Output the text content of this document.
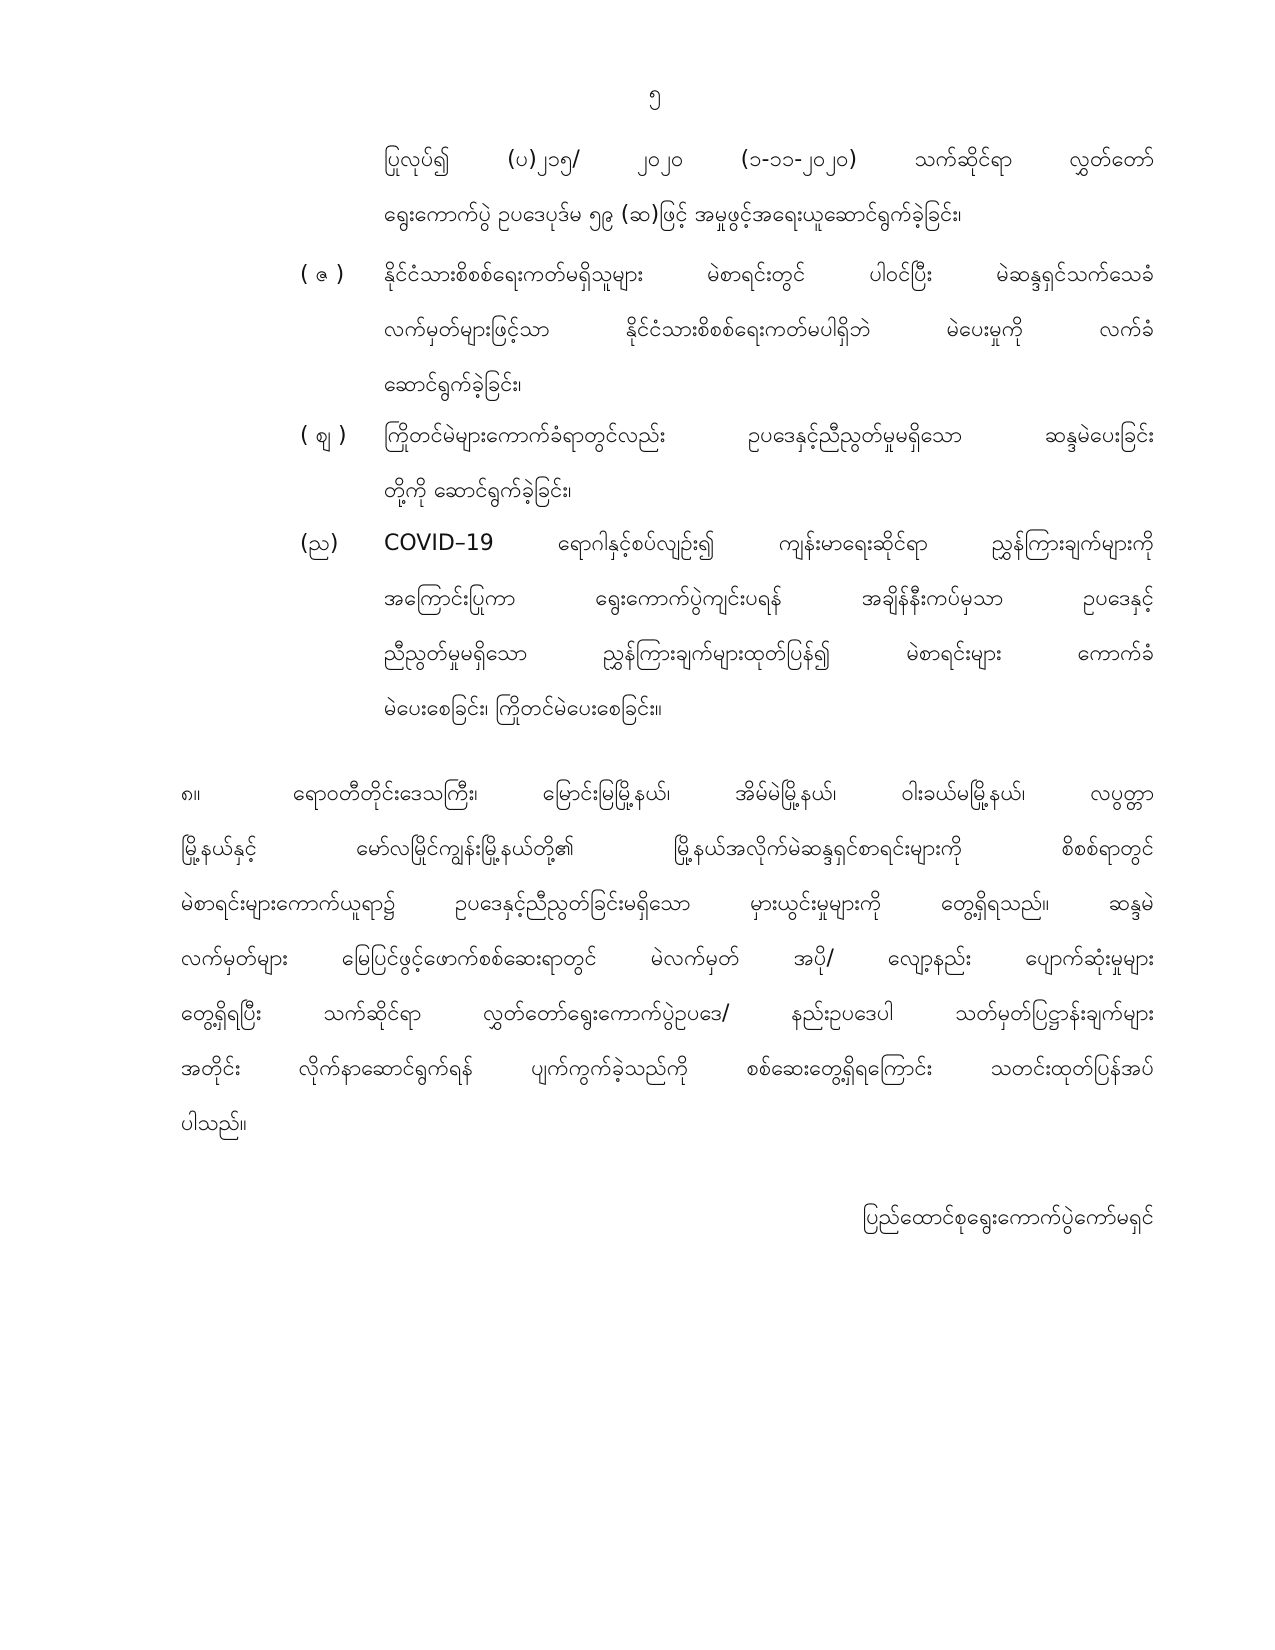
၅
ပြုလုပ်၍ (ပ)၂၁၅/ ၂၀၂၀ (၁-၁၁-၂၀၂၀) သက်ဆိုင်ရာ လွှတ်တော်
ရွေးကောက်ပွဲ ဥပဒေပုဒ်မ ၅၉ (ဆ)ဖြင့် အမှုဖွင့်အရေးယူဆောင်ရွက်ခဲ့ခြင်း၊
( ဇ ) နိုင်ငံသားစိစစ်ရေးကတ်မရှိသူများ မဲစာရင်းတွင် ပါဝင်ပြီး မဲဆန္ဒရှင်သက်သေခံ
လက်မှတ်များဖြင့်သာ နိုင်ငံသားစိစစ်ရေးကတ်မပါရှိဘဲ မဲပေးမှုကို လက်ခံ
ဆောင်ရွက်ခဲ့ခြင်း၊
( ဈ ) ကြိုတင်မဲများကောက်ခံရာတွင်လည်း ဥပဒေနှင့်ညီညွတ်မှုမရှိသော ဆန္ဒမဲပေးခြင်း
တို့ကို ဆောင်ရွက်ခဲ့ခြင်း၊
(ည) COVID–19 ရောဂါနှင့်စပ်လျဉ်း၍ ကျန်းမာရေးဆိုင်ရာ ညွှန်ကြားချက်များကို
အကြောင်းပြုကာ ရွေးကောက်ပွဲကျင်းပရန် အချိန်နီးကပ်မှသာ ဥပဒေနှင့်
ညီညွတ်မှုမရှိသော ညွှန်ကြားချက်များထုတ်ပြန်၍ မဲစာရင်းများ ကောက်ခံ
မဲပေးစေခြင်း၊ ကြိုတင်မဲပေးစေခြင်း။
၈။	ရောဝတီတိုင်းဒေသကြီး၊ မြောင်းမြမြို့နယ်၊ အိမ်မဲမြို့နယ်၊ ဝါးခယ်မမြို့နယ်၊ လပွတ္တာ
မြို့နယ်နှင့် မော်လမြိုင်ကျွန်းမြို့နယ်တို့၏ မြို့နယ်အလိုက်မဲဆန္ဒရှင်စာရင်းများကို စိစစ်ရာတွင်
မဲစာရင်းများကောက်ယူရာ၌ ဥပဒေနှင့်ညီညွတ်ခြင်းမရှိသော မှားယွင်းမှုများကို တွေ့ရှိရသည်။ ဆန္ဒမဲ
လက်မှတ်များ မြေပြင်ဖွင့်ဖောက်စစ်ဆေးရာတွင် မဲလက်မှတ် အပို/ လျော့နည်း ပျောက်ဆုံးမှုများ
တွေ့ရှိရပြီး သက်ဆိုင်ရာ လွှတ်တော်ရွေးကောက်ပွဲဥပဒေ/ နည်းဥပဒေပါ သတ်မှတ်ပြဋ္ဌာန်းချက်များ
အတိုင်း လိုက်နာဆောင်ရွက်ရန် ပျက်ကွက်ခဲ့သည်ကို စစ်ဆေးတွေ့ရှိရကြောင်း သတင်းထုတ်ပြန်အပ်
ပါသည်။
ပြည်ထောင်စုရွေးကောက်ပွဲကော်မရှင်
